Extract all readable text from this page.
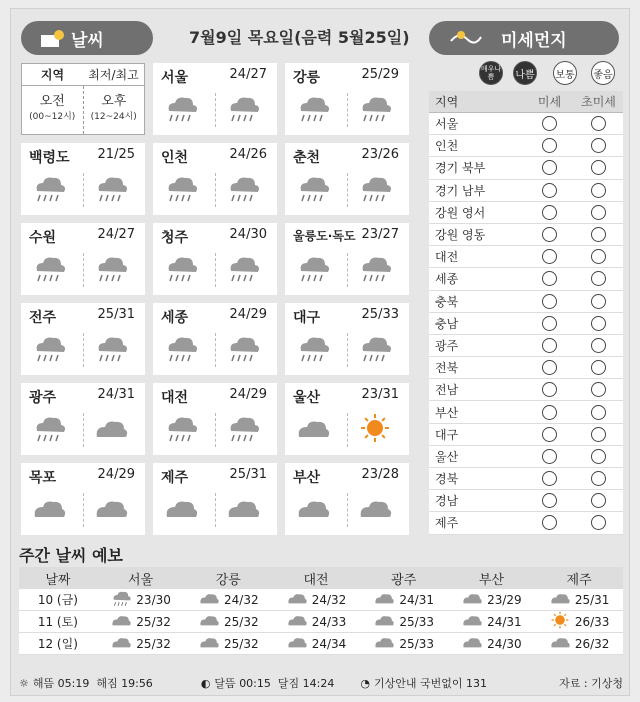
날씨	7월9일 목요일(음력 5월25일)	미세먼지
지역	최저/최고
오전
(00~12시)
오후
(12~24시)
서울	24/27 강릉	25/29
백령도 21/25 인천	24/26 춘천	23/26
수원	24/27 청주	24/30 울릉도·독도 23/27
전주	25/31 세종	24/29 대구	25/33
광주	24/31 대전	24/29 울산	23/31
목포	24/29 제주	25/31 부산	23/28
매우나쁨	나쁨 보통 좋음
지역	미세	초미세
서울
인천
경기 북부
경기 남부
강원 영서
강원 영동
대전
세종
충북
충남
광주
전북
전남
부산
대구
울산
경북
경남
제주
주간 날씨 예보
날짜	서울	강릉	대전	광주	부산	제주
10 (금)	23/30	24/32	24/32	24/31	23/29	25/31
11 (토)	25/32	25/32	24/33	25/33	24/31	26/33
12 (일)	25/32	25/32	24/34	25/33	24/30	26/32
☼ 해뜸
05:19
해짐
19:56	◐ 달뜸
00:15
달짐
14:24 ◔ 기상안내 국번없이 131	자료 : 기상청
